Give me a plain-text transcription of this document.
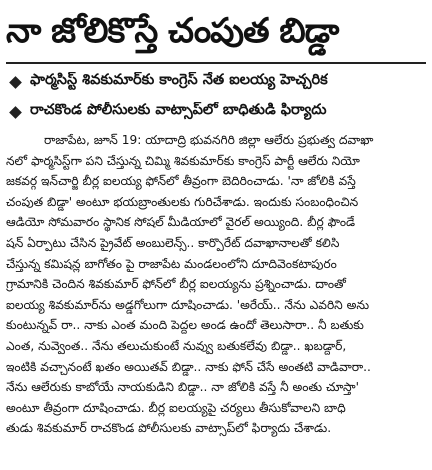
నా జోలికొస్తే చంపుత బిడ్డా
ఫార్మసిస్ట్ శివకుమార్‌కు కాంగ్రెస్ నేత ఐలయ్య హెచ్చరిక
రాచకొండ పోలీసులకు వాట్సాప్‌లో బాధితుడి ఫిర్యాదు
రాజాపేట, జూన్ 19: యాదాద్రి భువనగిరి జిల్లా ఆలేరు ప్రభుత్వ దవాఖా
నలో ఫార్మసిస్ట్‌గా పని చేస్తున్న చిమ్మి శివకుమార్‌కు కాంగ్రెస్ పార్టీ ఆలేరు నియో
జకవర్గ ఇన్‌చార్జి బీర్ల ఐలయ్య ఫోన్‌లో తీవ్రంగా బెదిరించాడు. 'నా జోలికి వస్తే
చంపుత బిడ్డా' అంటూ భయబ్రాంతులకు గురిచేశాడు. ఇందుకు సంబంధించిన
ఆడియో సోమవారం స్థానిక సోషల్ మీడియాలో వైరల్ అయ్యింది. బీర్ల ఫౌండే
షన్ ఏర్పాటు చేసిన ప్రైవేట్ అంబులెన్స్.. కార్పొరేట్ దవాఖానాలతో కలిసి
చేస్తున్న కమిషన్ల బాగోతం పై రాజాపేట మండలంలోని దూదివెంకటాపురం
గ్రామానికి చెందిన శివకుమార్ ఫోన్‌లో బీర్ల ఐలయ్యను ప్రశ్నించాడు. దాంతో
ఐలయ్య శివకుమార్‌ను అడ్డగోలుగా దూషించాడు. 'అరేయ్.. నేను ఎవరిని అను
కుంటున్నవ్ రా.. నాకు ఎంత మంది పెద్దల అండ ఉందో తెలుసారా.. నీ బతుకు
ఎంత, నువ్వెంత.. నేను తలుచుకుంటే నువ్వు బతుకలేవు బిడ్డా.. ఖబడ్దార్,
ఇంటికి వచ్చానంటే ఖతం అయితవ్ బిడ్డా.. నాకు ఫోన్ చేసే అంతటి వాడివారా..
నేను ఆలేరుకు కాబోయే నాయకుడిని బిడ్డా.. నా జోలికి వస్తే నీ అంతు చూస్తా'
అంటూ తీవ్రంగా దూషించాడు. బీర్ల ఐలయ్యపై చర్యలు తీసుకోవాలని బాధి
తుడు శివకుమార్ రాచకొండ పోలీసులకు వాట్సాప్‌లో ఫిర్యాదు చేశాడు.
